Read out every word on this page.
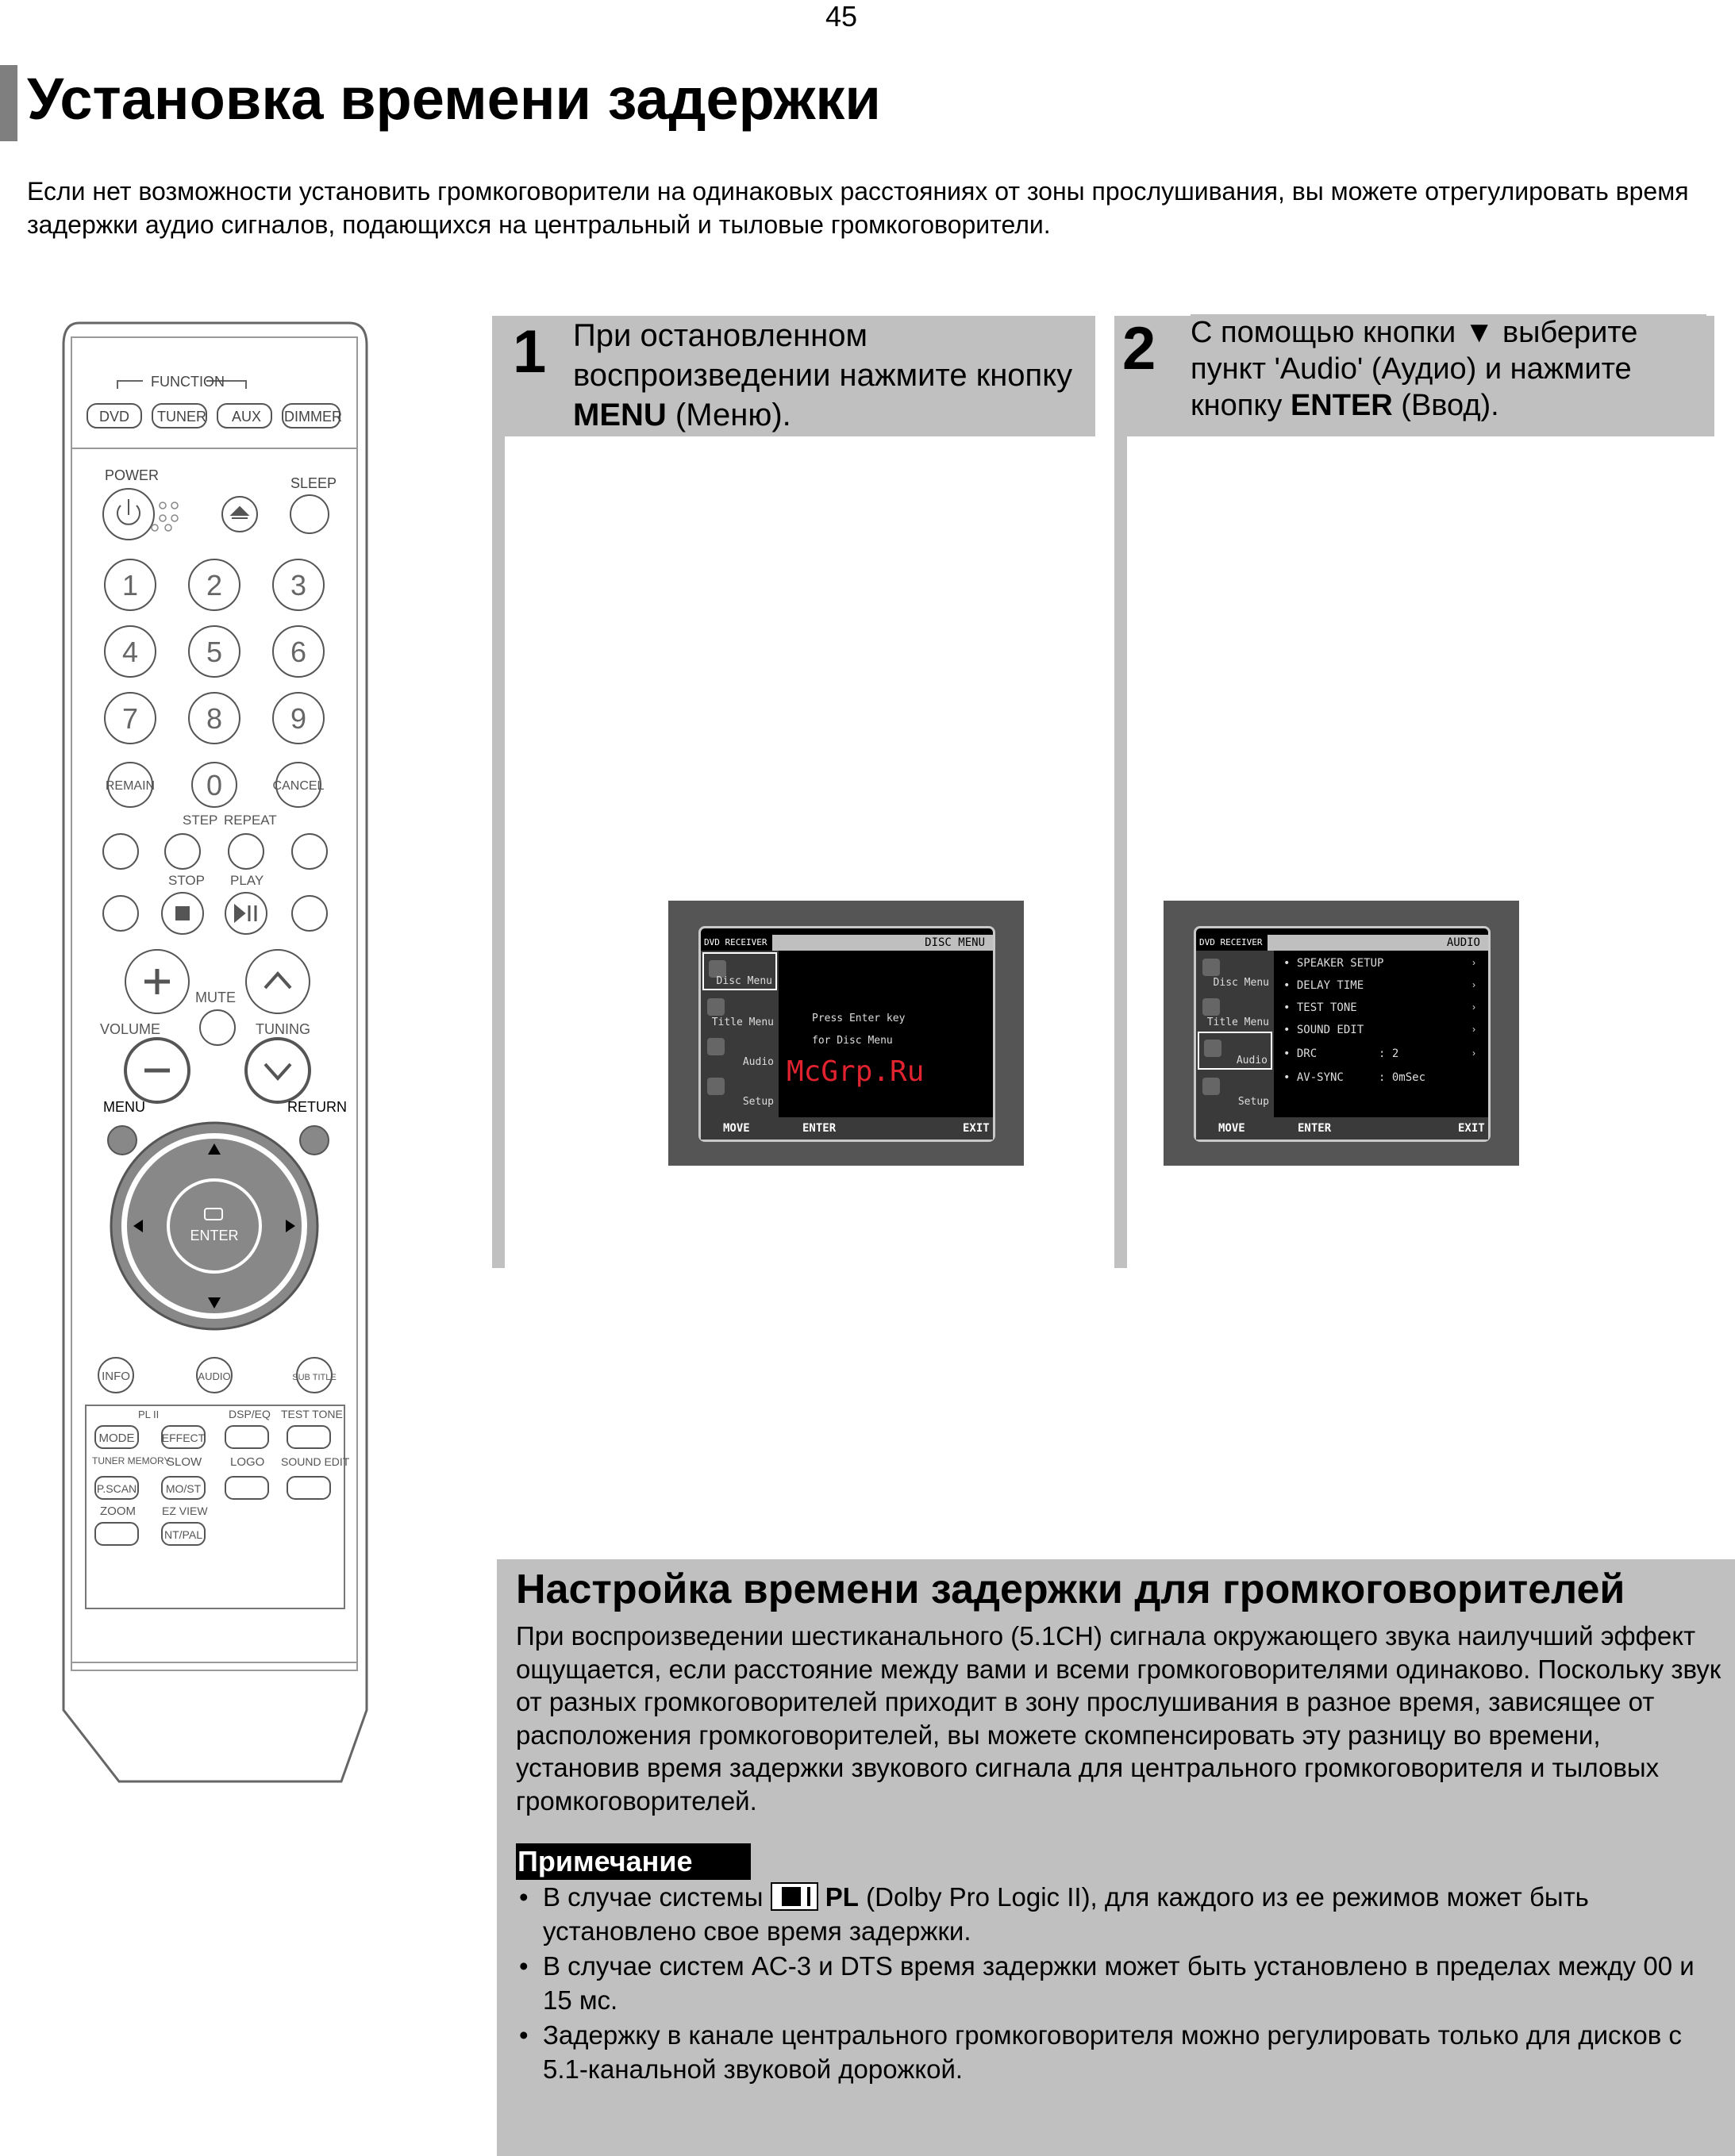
45
Установка времени задержки
Если нет возможности установить громкоговорители на одинаковых расстояниях от зоны прослушивания, вы можете отрегулировать время задержки аудио сигналов, подающихся на центральный и тыловые громкоговорители.
FUNCTION
DVD TUNER AUX DIMMER
POWER	SLEEP
1 2 3
4 5 6
7 8 9
REMAIN 0	CANCEL
STEP REPEAT
STOP PLAY
MUTE
VOLUME	TUNING
MENU	RETURN
ENTER
INFO	AUDIO	SUB TITLE
PL II	DSP/EQ TEST TONE
MODE EFFECT
TUNER MEMORY
SLOW LOGO SOUND EDIT
P.SCAN	MO/ST
ZOOM EZ VIEW
NT/PAL
1 При остановленном воспроизведении нажмите кнопку MENU (Меню).
DVD RECEIVER	DISC MENU
Disc Menu
Title Menu
Audio
Setup
Press Enter key
for Disc Menu
McGrp.Ru
MOVE	ENTER	EXIT
2 С помощью кнопки ▼ выберите пункт 'Audio' (Аудио) и нажмите кнопку ENTER (Ввод).
DVD RECEIVER	AUDIO
Disc Menu
Title Menu
Audio
Setup
• SPEAKER SETUP	›
• DELAY TIME	›
• TEST TONE	›
• SOUND EDIT	›
• DRC	: 2	›
• AV-SYNC	: 0mSec
MOVE	ENTER	EXIT
Настройка времени задержки для громкоговорителей
При воспроизведении шестиканального (5.1CH) сигнала окружающего звука наилучший эффект ощущается, если расстояние между вами и всеми громкоговорителями одинаково. Поскольку звук от разных громкоговорителей приходит в зону прослушивания в разное время, зависящее от расположения громкоговорителей, вы можете скомпенсировать эту разницу во времени, установив время задержки звукового сигнала для центрального громкоговорителя и тыловых громкоговорителей.
Примечание
• В случае системы  PL (Dolby Pro Logic II), для каждого из ее режимов может быть установлено свое время задержки.
• В случае систем AC-3 и DTS время задержки может быть установлено в пределах между 00 и 15 мс.
• Задержку в канале центрального громкоговорителя можно регулировать только для дисков с 5.1-канальной звуковой дорожкой.
